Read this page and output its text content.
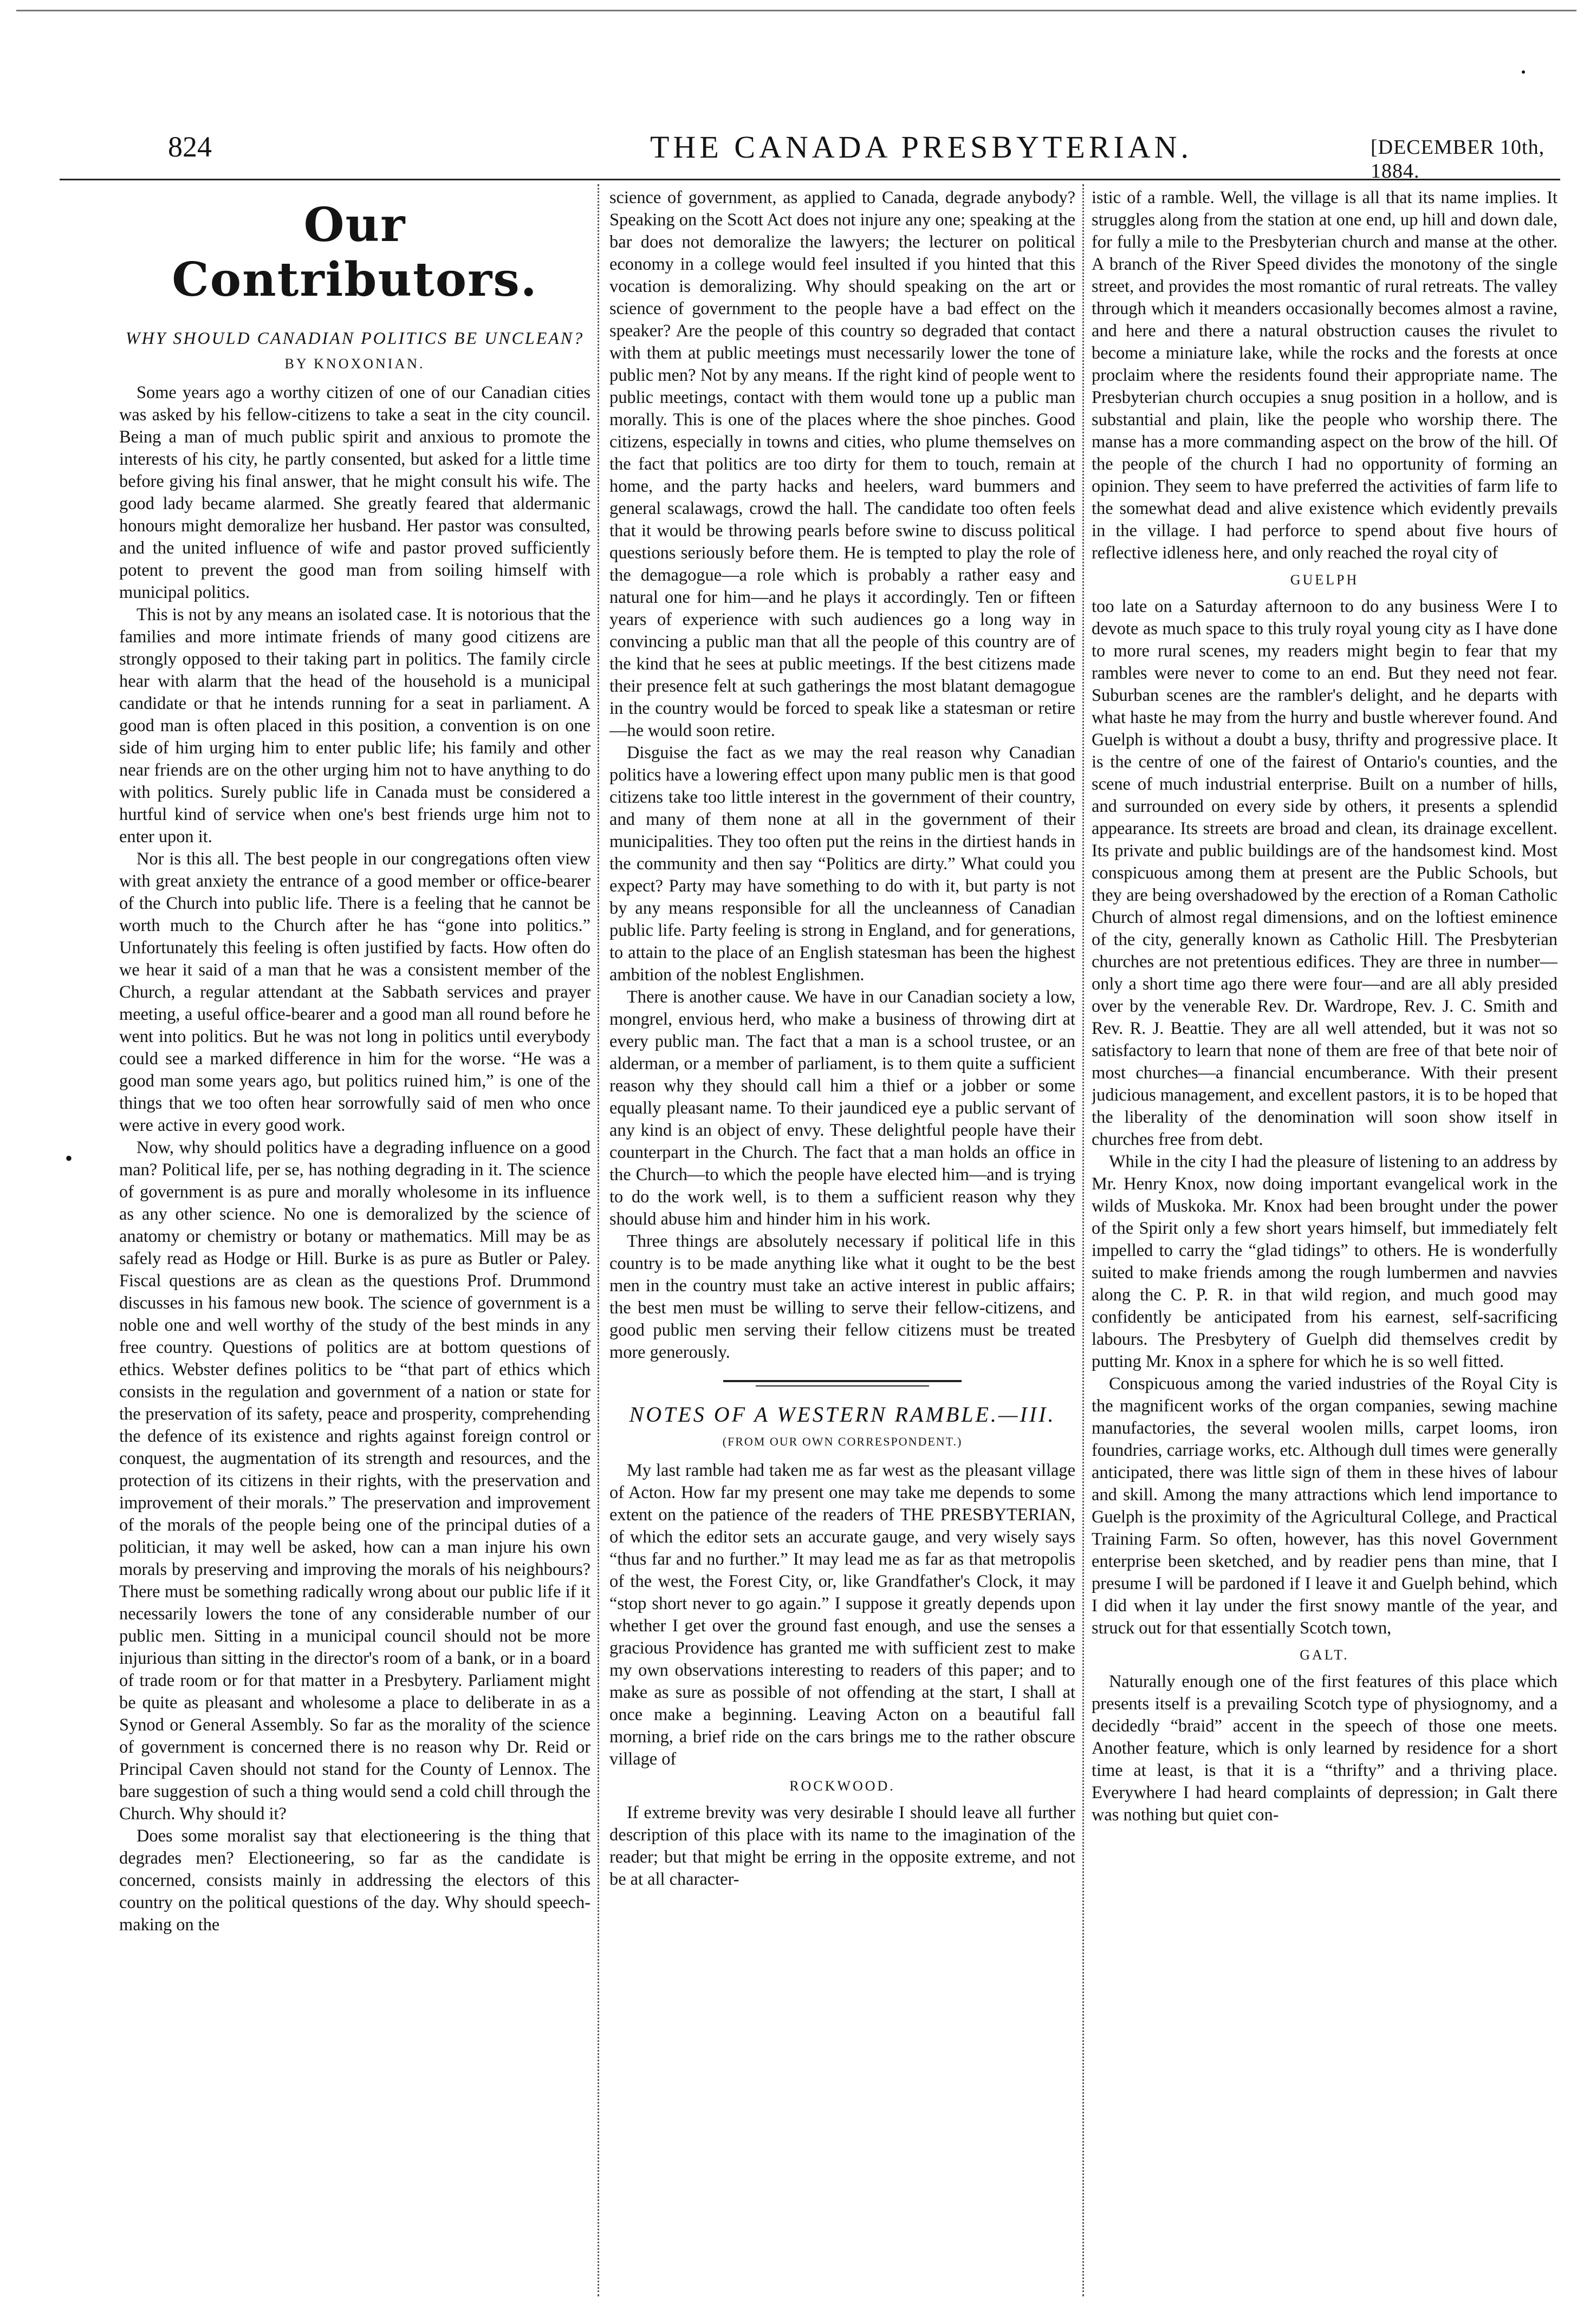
824	THE CANADA PRESBYTERIAN.	[DECEMBER 10th, 1884.
•
Our Contributors.
WHY SHOULD CANADIAN POLITICS BE UNCLEAN?
BY KNOXONIAN.

Some years ago a worthy citizen of one of our Canadian cities was asked by his fellow-citizens to take a seat in the city council. Being a man of much public spirit and anxious to promote the interests of his city, he partly consented, but asked for a little time before giving his final answer, that he might consult his wife. The good lady became alarmed. She greatly feared that aldermanic honours might demoralize her husband. Her pastor was consulted, and the united influence of wife and pastor proved sufficiently potent to prevent the good man from soiling himself with municipal politics.

This is not by any means an isolated case. It is notorious that the families and more intimate friends of many good citizens are strongly opposed to their taking part in politics. The family circle hear with alarm that the head of the household is a municipal candidate or that he intends running for a seat in parliament. A good man is often placed in this position, a convention is on one side of him urging him to enter public life; his family and other near friends are on the other urging him not to have anything to do with politics. Surely public life in Canada must be considered a hurtful kind of service when one's best friends urge him not to enter upon it.

Nor is this all. The best people in our congregations often view with great anxiety the entrance of a good member or office-bearer of the Church into public life. There is a feeling that he cannot be worth much to the Church after he has “gone into politics.” Unfortunately this feeling is often justified by facts. How often do we hear it said of a man that he was a consistent member of the Church, a regular attendant at the Sabbath services and prayer meeting, a useful office-bearer and a good man all round before he went into politics. But he was not long in politics until everybody could see a marked difference in him for the worse. “He was a good man some years ago, but politics ruined him,” is one of the things that we too often hear sorrowfully said of men who once were active in every good work.

Now, why should politics have a degrading influence on a good man? Political life, per se, has nothing degrading in it. The science of government is as pure and morally wholesome in its influence as any other science. No one is demoralized by the science of anatomy or chemistry or botany or mathematics. Mill may be as safely read as Hodge or Hill. Burke is as pure as Butler or Paley. Fiscal questions are as clean as the questions Prof. Drummond discusses in his famous new book. The science of government is a noble one and well worthy of the study of the best minds in any free country. Questions of politics are at bottom questions of ethics. Webster defines politics to be “that part of ethics which consists in the regulation and government of a nation or state for the preservation of its safety, peace and prosperity, comprehending the defence of its existence and rights against foreign control or conquest, the augmentation of its strength and resources, and the protection of its citizens in their rights, with the preservation and improvement of their morals.” The preservation and improvement of the morals of the people being one of the principal duties of a politician, it may well be asked, how can a man injure his own morals by preserving and improving the morals of his neighbours? There must be something radically wrong about our public life if it necessarily lowers the tone of any considerable number of our public men. Sitting in a municipal council should not be more injurious than sitting in the director's room of a bank, or in a board of trade room or for that matter in a Presbytery. Parliament might be quite as pleasant and wholesome a place to deliberate in as a Synod or General Assembly. So far as the morality of the science of government is concerned there is no reason why Dr. Reid or Principal Caven should not stand for the County of Lennox. The bare suggestion of such a thing would send a cold chill through the Church. Why should it?

Does some moralist say that electioneering is the thing that degrades men? Electioneering, so far as the candidate is concerned, consists mainly in addressing the electors of this country on the political questions of the day. Why should speech-making on the

science of government, as applied to Canada, degrade anybody? Speaking on the Scott Act does not injure any one; speaking at the bar does not demoralize the lawyers; the lecturer on political economy in a college would feel insulted if you hinted that this vocation is demoralizing. Why should speaking on the art or science of government to the people have a bad effect on the speaker? Are the people of this country so degraded that contact with them at public meetings must necessarily lower the tone of public men? Not by any means. If the right kind of people went to public meetings, contact with them would tone up a public man morally. This is one of the places where the shoe pinches. Good citizens, especially in towns and cities, who plume themselves on the fact that politics are too dirty for them to touch, remain at home, and the party hacks and heelers, ward bummers and general scalawags, crowd the hall. The candidate too often feels that it would be throwing pearls before swine to discuss political questions seriously before them. He is tempted to play the role of the demagogue—a role which is probably a rather easy and natural one for him—and he plays it accordingly. Ten or fifteen years of experience with such audiences go a long way in convincing a public man that all the people of this country are of the kind that he sees at public meetings. If the best citizens made their presence felt at such gatherings the most blatant demagogue in the country would be forced to speak like a statesman or retire—he would soon retire.

Disguise the fact as we may the real reason why Canadian politics have a lowering effect upon many public men is that good citizens take too little interest in the government of their country, and many of them none at all in the government of their municipalities. They too often put the reins in the dirtiest hands in the community and then say “Politics are dirty.” What could you expect? Party may have something to do with it, but party is not by any means responsible for all the uncleanness of Canadian public life. Party feeling is strong in England, and for generations, to attain to the place of an English statesman has been the highest ambition of the noblest Englishmen.

There is another cause. We have in our Canadian society a low, mongrel, envious herd, who make a business of throwing dirt at every public man. The fact that a man is a school trustee, or an alderman, or a member of parliament, is to them quite a sufficient reason why they should call him a thief or a jobber or some equally pleasant name. To their jaundiced eye a public servant of any kind is an object of envy. These delightful people have their counterpart in the Church. The fact that a man holds an office in the Church—to which the people have elected him—and is trying to do the work well, is to them a sufficient reason why they should abuse him and hinder him in his work.

Three things are absolutely necessary if political life in this country is to be made anything like what it ought to be the best men in the country must take an active interest in public affairs; the best men must be willing to serve their fellow-citizens, and good public men serving their fellow citizens must be treated more generously.

NOTES OF A WESTERN RAMBLE.—III.
(FROM OUR OWN CORRESPONDENT.)

My last ramble had taken me as far west as the pleasant village of Acton. How far my present one may take me depends to some extent on the patience of the readers of THE PRESBYTERIAN, of which the editor sets an accurate gauge, and very wisely says “thus far and no further.” It may lead me as far as that metropolis of the west, the Forest City, or, like Grandfather's Clock, it may “stop short never to go again.” I suppose it greatly depends upon whether I get over the ground fast enough, and use the senses a gracious Providence has granted me with sufficient zest to make my own observations interesting to readers of this paper; and to make as sure as possible of not offending at the start, I shall at once make a beginning. Leaving Acton on a beautiful fall morning, a brief ride on the cars brings me to the rather obscure village of

ROCKWOOD.

If extreme brevity was very desirable I should leave all further description of this place with its name to the imagination of the reader; but that might be erring in the opposite extreme, and not be at all character-

istic of a ramble. Well, the village is all that its name implies. It struggles along from the station at one end, up hill and down dale, for fully a mile to the Presbyterian church and manse at the other. A branch of the River Speed divides the monotony of the single street, and provides the most romantic of rural retreats. The valley through which it meanders occasionally becomes almost a ravine, and here and there a natural obstruction causes the rivulet to become a miniature lake, while the rocks and the forests at once proclaim where the residents found their appropriate name. The Presbyterian church occupies a snug position in a hollow, and is substantial and plain, like the people who worship there. The manse has a more commanding aspect on the brow of the hill. Of the people of the church I had no opportunity of forming an opinion. They seem to have preferred the activities of farm life to the somewhat dead and alive existence which evidently prevails in the village. I had perforce to spend about five hours of reflective idleness here, and only reached the royal city of

GUELPH

too late on a Saturday afternoon to do any business Were I to devote as much space to this truly royal young city as I have done to more rural scenes, my readers might begin to fear that my rambles were never to come to an end. But they need not fear. Suburban scenes are the rambler's delight, and he departs with what haste he may from the hurry and bustle wherever found. And Guelph is without a doubt a busy, thrifty and progressive place. It is the centre of one of the fairest of Ontario's counties, and the scene of much industrial enterprise. Built on a number of hills, and surrounded on every side by others, it presents a splendid appearance. Its streets are broad and clean, its drainage excellent. Its private and public buildings are of the handsomest kind. Most conspicuous among them at present are the Public Schools, but they are being overshadowed by the erection of a Roman Catholic Church of almost regal dimensions, and on the loftiest eminence of the city, generally known as Catholic Hill. The Presbyterian churches are not pretentious edifices. They are three in number—only a short time ago there were four—and are all ably presided over by the venerable Rev. Dr. Wardrope, Rev. J. C. Smith and Rev. R. J. Beattie. They are all well attended, but it was not so satisfactory to learn that none of them are free of that bete noir of most churches—a financial encumberance. With their present judicious management, and excellent pastors, it is to be hoped that the liberality of the denomination will soon show itself in churches free from debt.

While in the city I had the pleasure of listening to an address by Mr. Henry Knox, now doing important evangelical work in the wilds of Muskoka. Mr. Knox had been brought under the power of the Spirit only a few short years himself, but immediately felt impelled to carry the “glad tidings” to others. He is wonderfully suited to make friends among the rough lumbermen and navvies along the C. P. R. in that wild region, and much good may confidently be anticipated from his earnest, self-sacrificing labours. The Presbytery of Guelph did themselves credit by putting Mr. Knox in a sphere for which he is so well fitted.

Conspicuous among the varied industries of the Royal City is the magnificent works of the organ companies, sewing machine manufactories, the several woolen mills, carpet looms, iron foundries, carriage works, etc. Although dull times were generally anticipated, there was little sign of them in these hives of labour and skill. Among the many attractions which lend importance to Guelph is the proximity of the Agricultural College, and Practical Training Farm. So often, however, has this novel Government enterprise been sketched, and by readier pens than mine, that I presume I will be pardoned if I leave it and Guelph behind, which I did when it lay under the first snowy mantle of the year, and struck out for that essentially Scotch town,

GALT.

Naturally enough one of the first features of this place which presents itself is a prevailing Scotch type of physiognomy, and a decidedly “braid” accent in the speech of those one meets. Another feature, which is only learned by residence for a short time at least, is that it is a “thrifty” and a thriving place. Everywhere I had heard complaints of depression; in Galt there was nothing but quiet con-
